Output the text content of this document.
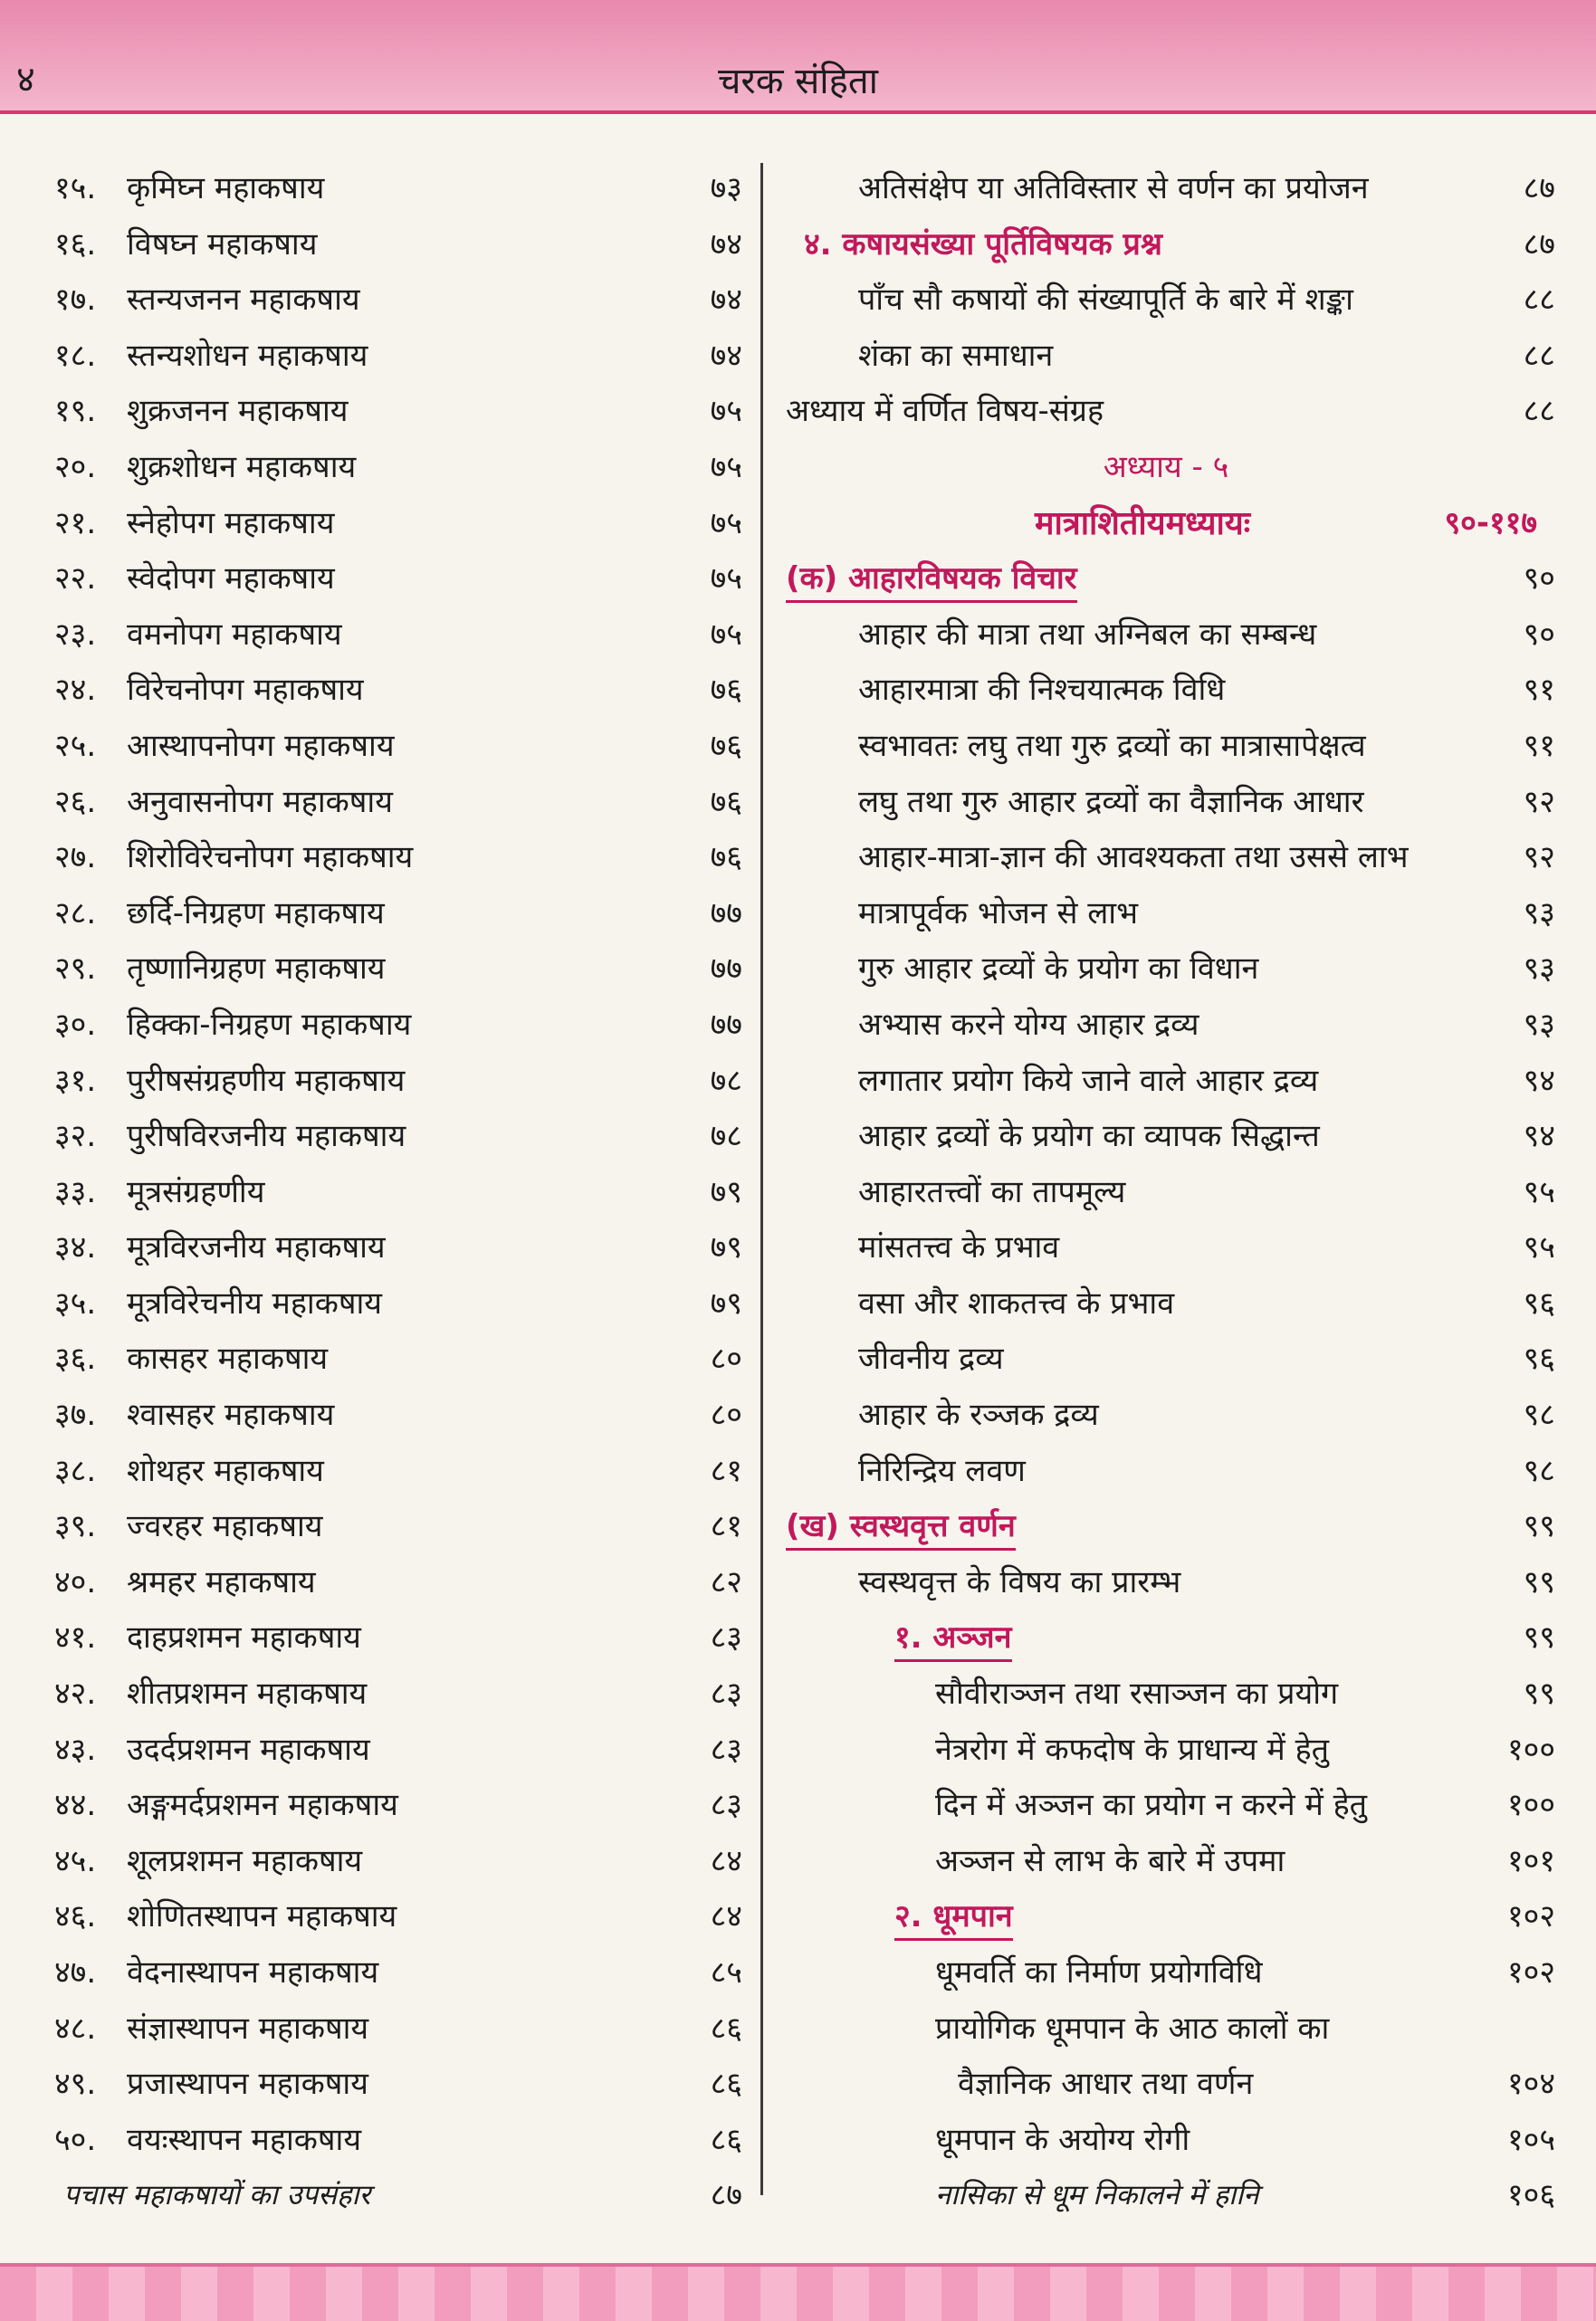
४	चरक संहिता
१५. कृमिघ्न महाकषाय	७३
१६. विषघ्न महाकषाय	७४
१७. स्तन्यजनन महाकषाय	७४
१८. स्तन्यशोधन महाकषाय	७४
१९. शुक्रजनन महाकषाय	७५
२०. शुक्रशोधन महाकषाय	७५
२१. स्नेहोपग महाकषाय	७५
२२. स्वेदोपग महाकषाय	७५
२३. वमनोपग महाकषाय	७५
२४. विरेचनोपग महाकषाय	७६
२५. आस्थापनोपग महाकषाय	७६
२६. अनुवासनोपग महाकषाय	७६
२७. शिरोविरेचनोपग महाकषाय	७६
२८. छर्दि-निग्रहण महाकषाय	७७
२९. तृष्णानिग्रहण महाकषाय	७७
३०. हिक्का-निग्रहण महाकषाय	७७
३१. पुरीषसंग्रहणीय महाकषाय	७८
३२. पुरीषविरजनीय महाकषाय	७८
३३. मूत्रसंग्रहणीय	७९
३४. मूत्रविरजनीय महाकषाय	७९
३५. मूत्रविरेचनीय महाकषाय	७९
३६. कासहर महाकषाय	८०
३७. श्वासहर महाकषाय	८०
३८. शोथहर महाकषाय	८१
३९. ज्वरहर महाकषाय	८१
४०. श्रमहर महाकषाय	८२
४१. दाहप्रशमन महाकषाय	८३
४२. शीतप्रशमन महाकषाय	८३
४३. उदर्दप्रशमन महाकषाय	८३
४४. अङ्गमर्दप्रशमन महाकषाय	८३
४५. शूलप्रशमन महाकषाय	८४
४६. शोणितस्थापन महाकषाय	८४
४७. वेदनास्थापन महाकषाय	८५
४८. संज्ञास्थापन महाकषाय	८६
४९. प्रजास्थापन महाकषाय	८६
५०. वयःस्थापन महाकषाय	८६
पचास महाकषायों का उपसंहार	८७
अतिसंक्षेप या अतिविस्तार से वर्णन का प्रयोजन	८७
४. कषायसंख्या पूर्तिविषयक प्रश्न	८७
पाँच सौ कषायों की संख्यापूर्ति के बारे में शङ्का	८८
शंका का समाधान	८८
अध्याय में वर्णित विषय-संग्रह	८८
अध्याय - ५
मात्राशितीयमध्यायः	९०-११७
(क) आहारविषयक विचार	९०
आहार की मात्रा तथा अग्निबल का सम्बन्ध	९०
आहारमात्रा की निश्चयात्मक विधि	९१
स्वभावतः लघु तथा गुरु द्रव्यों का मात्रासापेक्षत्व	९१
लघु तथा गुरु आहार द्रव्यों का वैज्ञानिक आधार	९२
आहार-मात्रा-ज्ञान की आवश्यकता तथा उससे लाभ	९२
मात्रापूर्वक भोजन से लाभ	९३
गुरु आहार द्रव्यों के प्रयोग का विधान	९३
अभ्यास करने योग्य आहार द्रव्य	९३
लगातार प्रयोग किये जाने वाले आहार द्रव्य	९४
आहार द्रव्यों के प्रयोग का व्यापक सिद्धान्त	९४
आहारतत्त्वों का तापमूल्य	९५
मांसतत्त्व के प्रभाव	९५
वसा और शाकतत्त्व के प्रभाव	९६
जीवनीय द्रव्य	९६
आहार के रञ्जक द्रव्य	९८
निरिन्द्रिय लवण	९८
(ख) स्वस्थवृत्त वर्णन	९९
स्वस्थवृत्त के विषय का प्रारम्भ	९९
१. अञ्जन	९९
सौवीराञ्जन तथा रसाञ्जन का प्रयोग	९९
नेत्ररोग में कफदोष के प्राधान्य में हेतु	१००
दिन में अञ्जन का प्रयोग न करने में हेतु	१००
अञ्जन से लाभ के बारे में उपमा	१०१
२. धूमपान	१०२
धूमवर्ति का निर्माण प्रयोगविधि	१०२
प्रायोगिक धूमपान के आठ कालों का
वैज्ञानिक आधार तथा वर्णन	१०४
धूमपान के अयोग्य रोगी	१०५
नासिका से धूम निकालने में हानि	१०६
